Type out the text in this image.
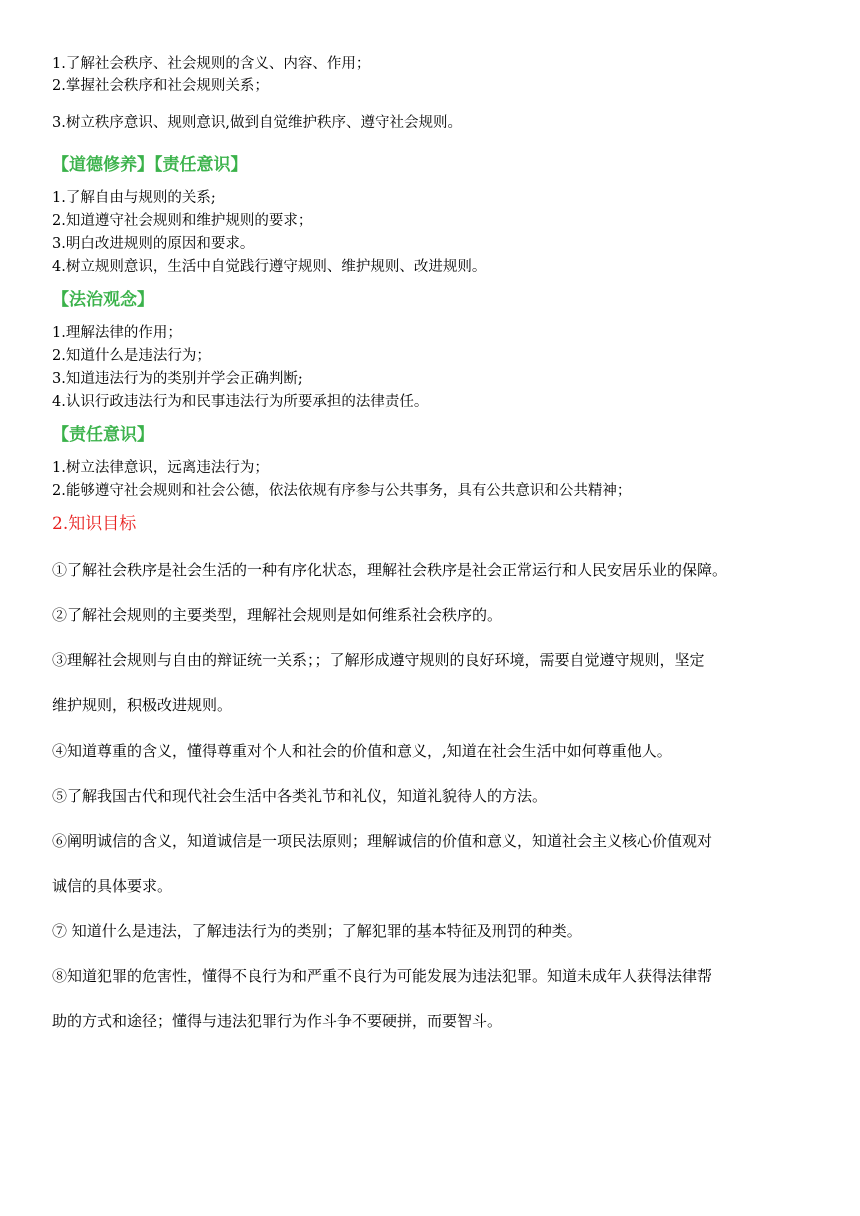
1.了解社会秩序、社会规则的含义、内容、作用；
2.掌握社会秩序和社会规则关系；
3.树立秩序意识、规则意识,做到自觉维护秩序、遵守社会规则。
【道德修养】【责任意识】
1.了解自由与规则的关系;
2.知道遵守社会规则和维护规则的要求；
3.明白改进规则的原因和要求。
4.树立规则意识，生活中自觉践行遵守规则、维护规则、改进规则。
【法治观念】
1.理解法律的作用；
2.知道什么是违法行为；
3.知道违法行为的类别并学会正确判断;
4.认识行政违法行为和民事违法行为所要承担的法律责任。
【责任意识】
1.树立法律意识，远离违法行为；
2.能够遵守社会规则和社会公德，依法依规有序参与公共事务，具有公共意识和公共精神；
2.知识目标
①了解社会秩序是社会生活的一种有序化状态，理解社会秩序是社会正常运行和人民安居乐业的保障。
②了解社会规则的主要类型，理解社会规则是如何维系社会秩序的。
③理解社会规则与自由的辩证统一关系；；了解形成遵守规则的良好环境，需要自觉遵守规则，坚定
维护规则，积极改进规则。
④知道尊重的含义，懂得尊重对个人和社会的价值和意义，,知道在社会生活中如何尊重他人。
⑤了解我国古代和现代社会生活中各类礼节和礼仪，知道礼貌待人的方法。
⑥阐明诚信的含义，知道诚信是一项民法原则；理解诚信的价值和意义，知道社会主义核心价值观对
诚信的具体要求。
⑦ 知道什么是违法，了解违法行为的类别；了解犯罪的基本特征及刑罚的种类。
⑧知道犯罪的危害性，懂得不良行为和严重不良行为可能发展为违法犯罪。知道未成年人获得法律帮
助的方式和途径；懂得与违法犯罪行为作斗争不要硬拼，而要智斗。
